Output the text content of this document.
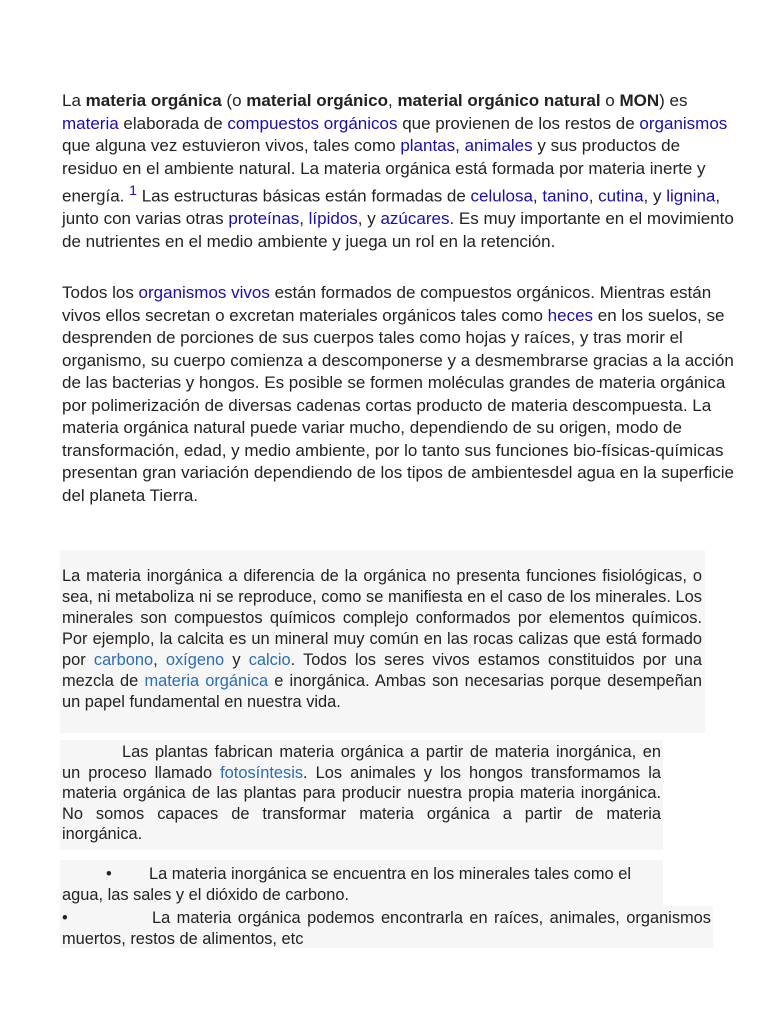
La materia orgánica (o material orgánico, material orgánico natural o MON) es materia elaborada de compuestos orgánicos que provienen de los restos de organismos que alguna vez estuvieron vivos, tales como plantas, animales y sus productos de residuo en el ambiente natural. La materia orgánica está formada por materia inerte y energía. $^1$ Las estructuras básicas están formadas de celulosa, tanino, cutina, y lignina, junto con varias otras proteínas, lípidos, y azúcares. Es muy importante en el movimiento de nutrientes en el medio ambiente y juega un rol en la retención.

Todos los organismos vivos están formados de compuestos orgánicos. Mientras están vivos ellos secretan o excretan materiales orgánicos tales como heces en los suelos, se desprenden de porciones de sus cuerpos tales como hojas y raíces, y tras morir el organismo, su cuerpo comienza a descomponerse y a desmembrarse gracias a la acción de las bacterias y hongos. Es posible se formen moléculas grandes de materia orgánica por polimerización de diversas cadenas cortas producto de materia descompuesta. La materia orgánica natural puede variar mucho, dependiendo de su origen, modo de transformación, edad, y medio ambiente, por lo tanto sus funciones bio-físicas-químicas presentan gran variación dependiendo de los tipos de ambientesdel agua en la superficie del planeta Tierra.

La materia inorgánica a diferencia de la orgánica no presenta funciones fisiológicas, o sea, ni metaboliza ni se reproduce, como se manifiesta en el caso de los minerales. Los minerales son compuestos químicos complejo conformados por elementos químicos. Por ejemplo, la calcita es un mineral muy común en las rocas calizas que está formado por carbono, oxígeno y calcio. Todos los seres vivos estamos constituidos por una mezcla de materia orgánica e inorgánica. Ambas son necesarias porque desempeñan un papel fundamental en nuestra vida.

Las plantas fabrican materia orgánica a partir de materia inorgánica, en un proceso llamado fotosíntesis. Los animales y los hongos transformamos la materia orgánica de las plantas para producir nuestra propia materia inorgánica. No somos capaces de transformar materia orgánica a partir de materia inorgánica.

• La materia inorgánica se encuentra en los minerales tales como el agua, las sales y el dióxido de carbono.

•	La materia orgánica podemos encontrarla en raíces, animales, organismos muertos, restos de alimentos, etc
